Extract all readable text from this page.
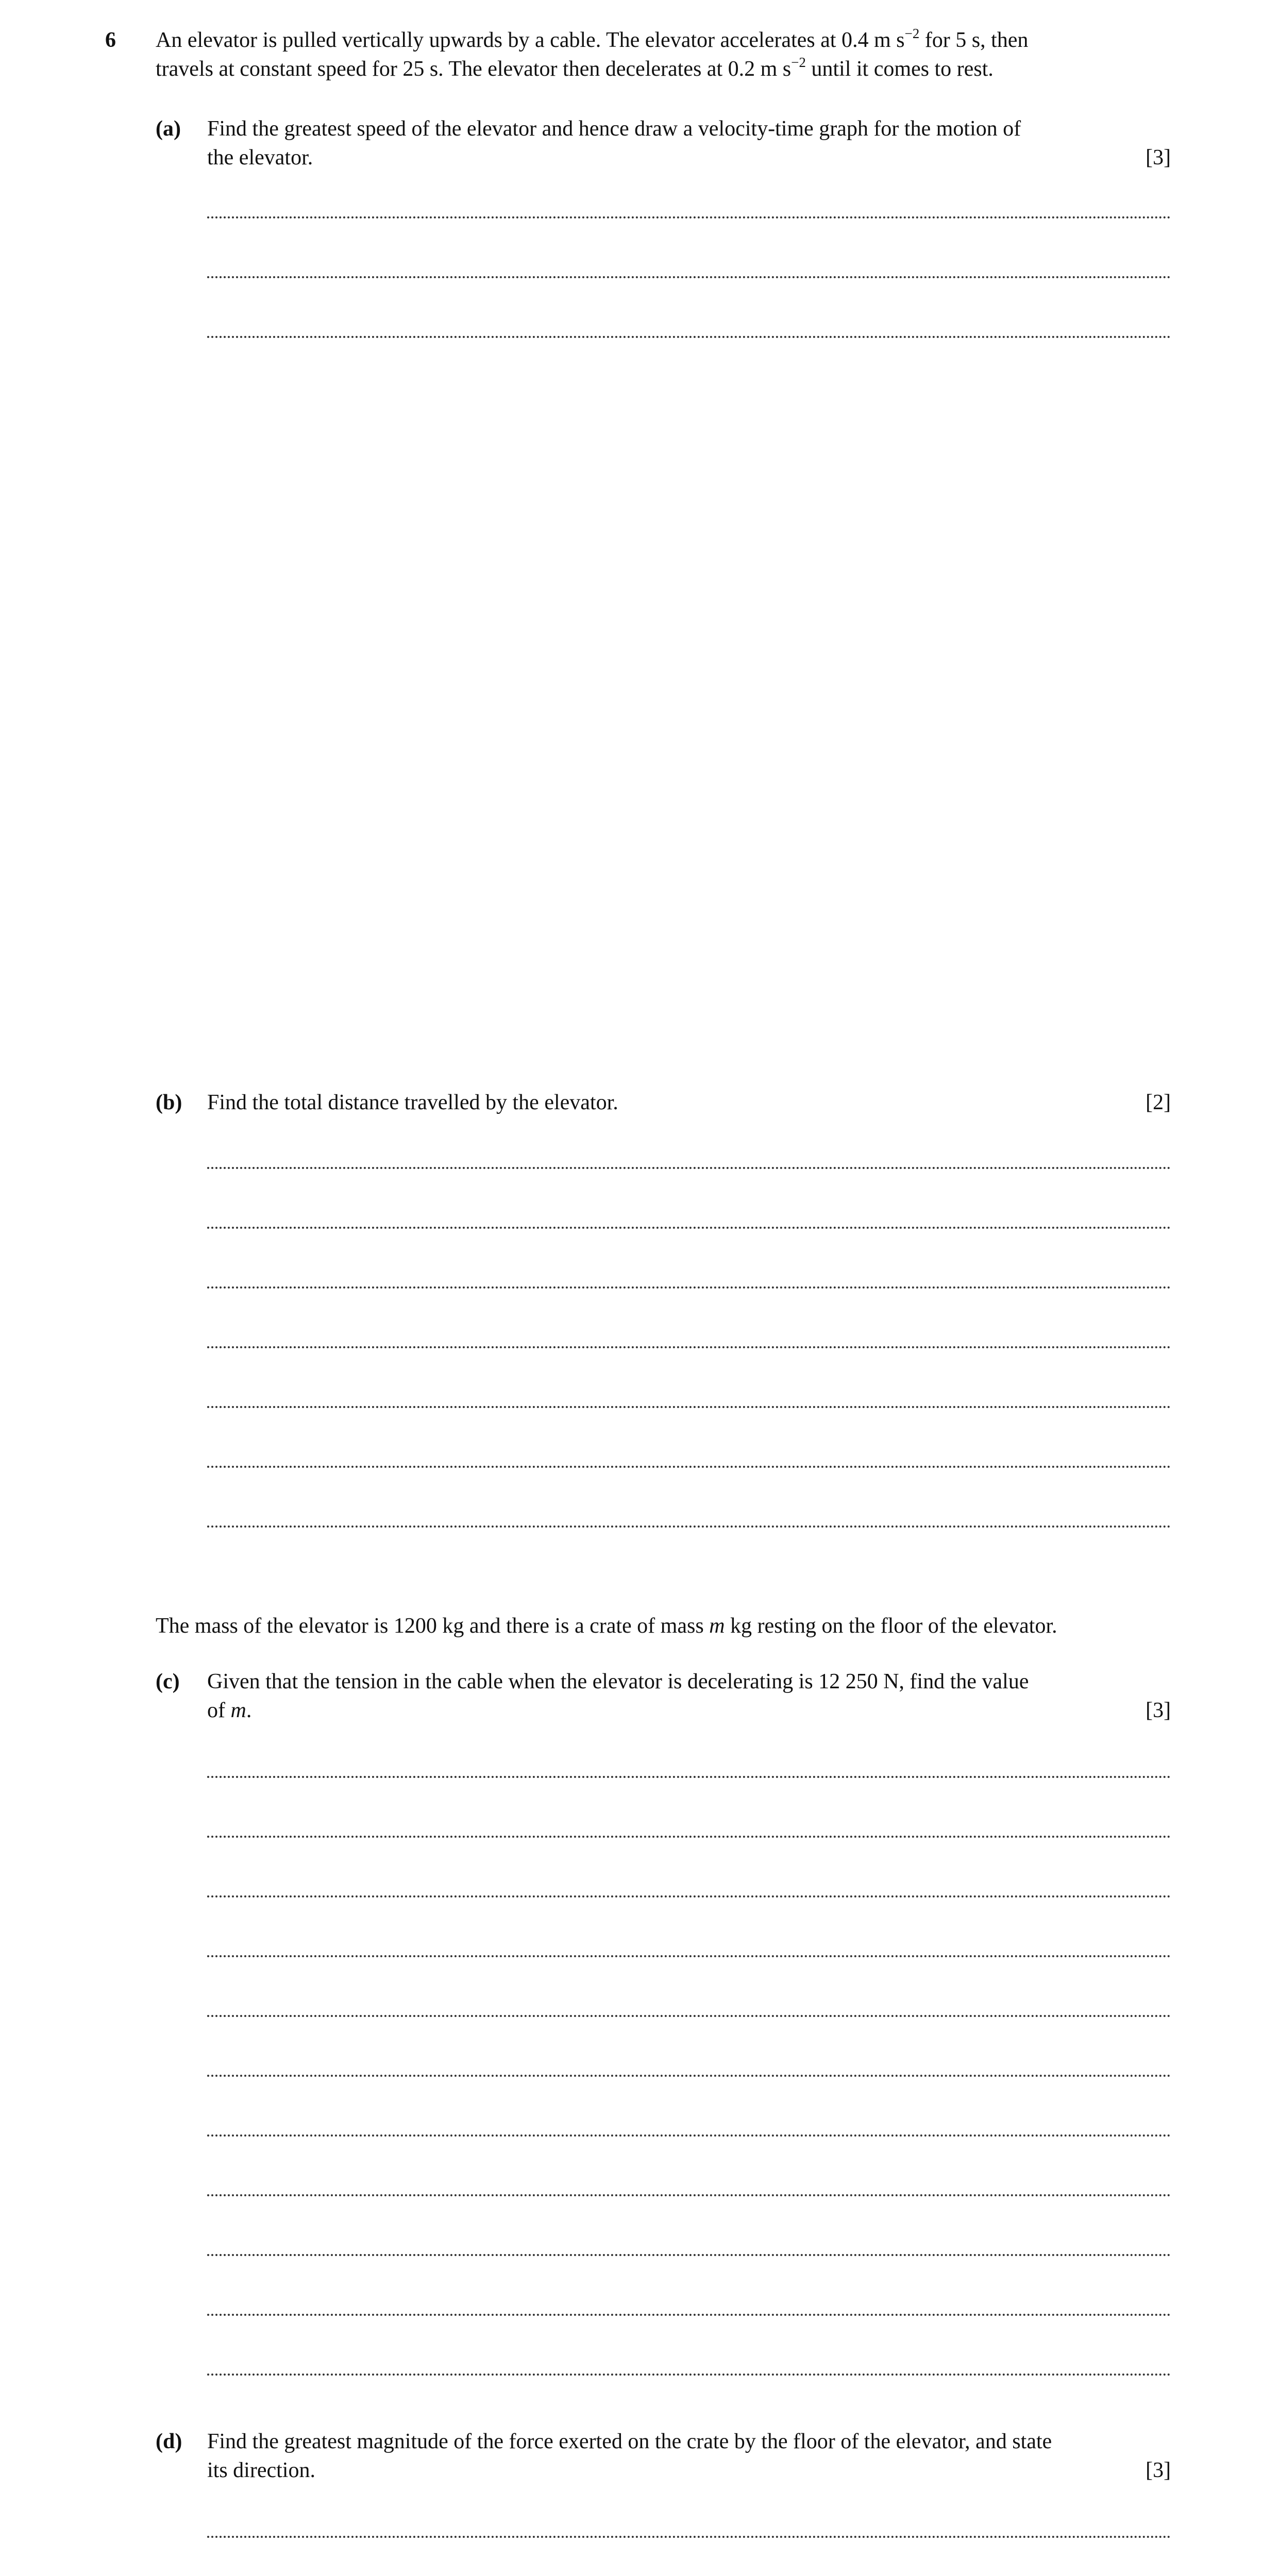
6 An elevator is pulled vertically upwards by a cable. The elevator accelerates at 0.4 m $s^{-2}$ for 5 s, then
travels at constant speed for 25 s. The elevator then decelerates at 0.2 m $s^{-2}$ until it comes to rest.
(a) Find the greatest speed of the elevator and hence draw a velocity-time graph for the motion of
the elevator.	[3]
(b) Find the total distance travelled by the elevator.	[2]
The mass of the elevator is 1200 kg and there is a crate of mass m kg resting on the floor of the elevator.
(c) Given that the tension in the cable when the elevator is decelerating is 12 250 N, find the value
of m.	[3]
(d) Find the greatest magnitude of the force exerted on the crate by the floor of the elevator, and state
its direction.	[3]
